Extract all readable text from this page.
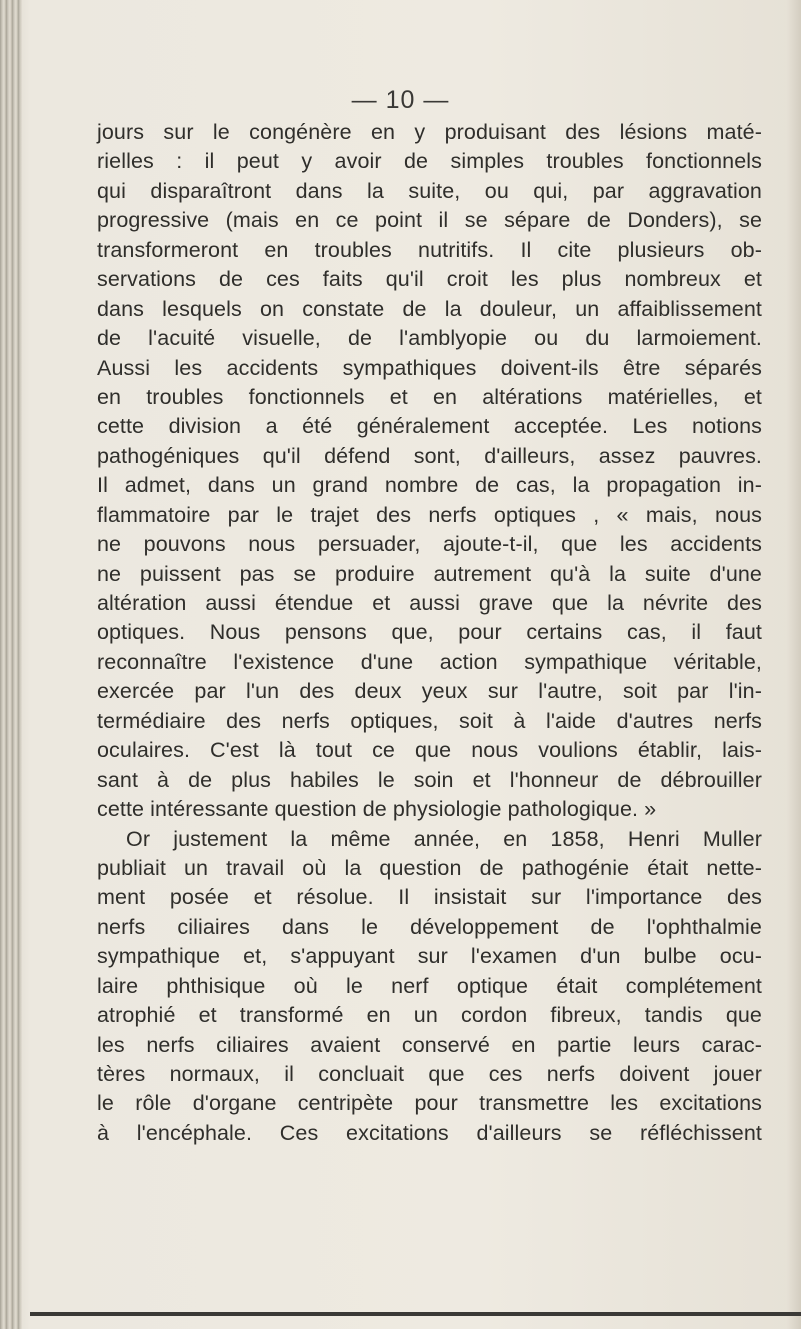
— 10 —
jours sur le congénère en y produisant des lésions maté-
rielles : il peut y avoir de simples troubles fonctionnels
qui disparaîtront dans la suite, ou qui, par aggravation
progressive (mais en ce point il se sépare de Donders), se
transformeront en troubles nutritifs. Il cite plusieurs ob-
servations de ces faits qu'il croit les plus nombreux et
dans lesquels on constate de la douleur, un affaiblissement
de l'acuité visuelle, de l'amblyopie ou du larmoiement.
Aussi les accidents sympathiques doivent-ils être séparés
en troubles fonctionnels et en altérations matérielles, et
cette division a été généralement acceptée. Les notions
pathogéniques qu'il défend sont, d'ailleurs, assez pauvres.
Il admet, dans un grand nombre de cas, la propagation in-
flammatoire par le trajet des nerfs optiques , « mais, nous
ne pouvons nous persuader, ajoute-t-il, que les accidents
ne puissent pas se produire autrement qu'à la suite d'une
altération aussi étendue et aussi grave que la névrite des
optiques. Nous pensons que, pour certains cas, il faut
reconnaître l'existence d'une action sympathique véritable,
exercée par l'un des deux yeux sur l'autre, soit par l'in-
termédiaire des nerfs optiques, soit à l'aide d'autres nerfs
oculaires. C'est là tout ce que nous voulions établir, lais-
sant à de plus habiles le soin et l'honneur de débrouiller
cette intéressante question de physiologie pathologique. »
Or justement la même année, en 1858, Henri Muller
publiait un travail où la question de pathogénie était nette-
ment posée et résolue. Il insistait sur l'importance des
nerfs ciliaires dans le développement de l'ophthalmie
sympathique et, s'appuyant sur l'examen d'un bulbe ocu-
laire phthisique où le nerf optique était complétement
atrophié et transformé en un cordon fibreux, tandis que
les nerfs ciliaires avaient conservé en partie leurs carac-
tères normaux, il concluait que ces nerfs doivent jouer
le rôle d'organe centripète pour transmettre les excitations
à l'encéphale. Ces excitations d'ailleurs se réfléchissent
